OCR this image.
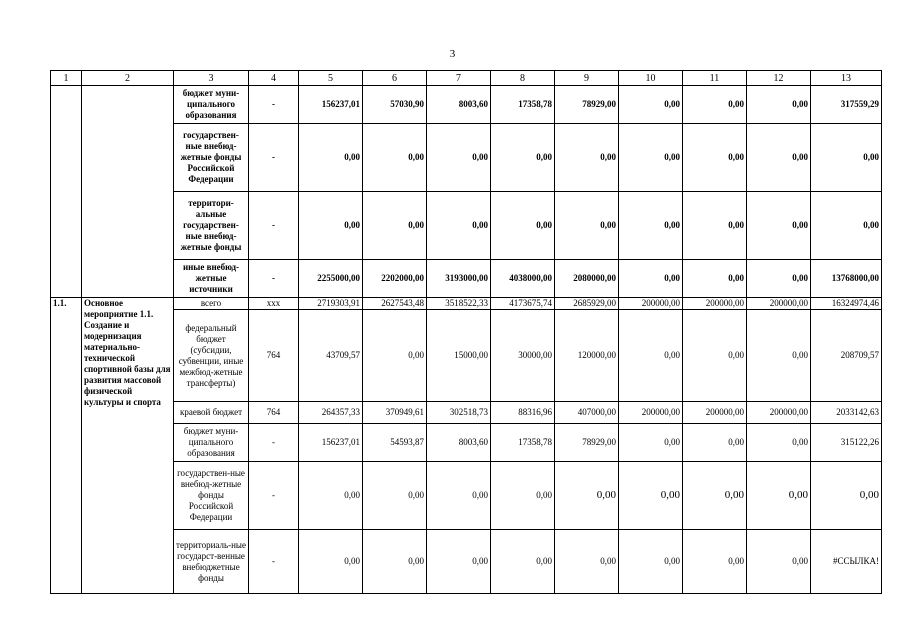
3
1	2	3	4	5	6	7	8	9	10	11	12	13
		бюджет муни-ципального образования	-	156237,01	57030,90	8003,60	17358,78	78929,00	0,00	0,00	0,00	317559,29
		государствен-ные внебюд-жетные фонды Российской Федерации	-	0,00	0,00	0,00	0,00	0,00	0,00	0,00	0,00	0,00
		территори-альные государствен-ные внебюд-жетные фонды	-	0,00	0,00	0,00	0,00	0,00	0,00	0,00	0,00	0,00
		иные внебюд-жетные источники	-	2255000,00	2202000,00	3193000,00	4038000,00	2080000,00	0,00	0,00	0,00	13768000,00
1.1.	Основное мероприятие 1.1. Создание и модернизация материально-технической спортивной базы для развития массовой физической культуры и спорта	всего	ххх	2719303,91	2627543,48	3518522,33	4173675,74	2685929,00	200000,00	200000,00	200000,00	16324974,46
		федеральный бюджет (субсидии, субвенции, иные межбюд-жетные трансферты)	764	43709,57	0,00	15000,00	30000,00	120000,00	0,00	0,00	0,00	208709,57
		краевой бюджет	764	264357,33	370949,61	302518,73	88316,96	407000,00	200000,00	200000,00	200000,00	2033142,63
		бюджет муни-ципального образования	-	156237,01	54593,87	8003,60	17358,78	78929,00	0,00	0,00	0,00	315122,26
		государствен-ные внебюд-жетные фонды Российской Федерации	-	0,00	0,00	0,00	0,00	0,00	0,00	0,00	0,00	0,00
		территориаль-ные государст-венные внебюджетные фонды	-	0,00	0,00	0,00	0,00	0,00	0,00	0,00	0,00	#ССЫЛКА!
